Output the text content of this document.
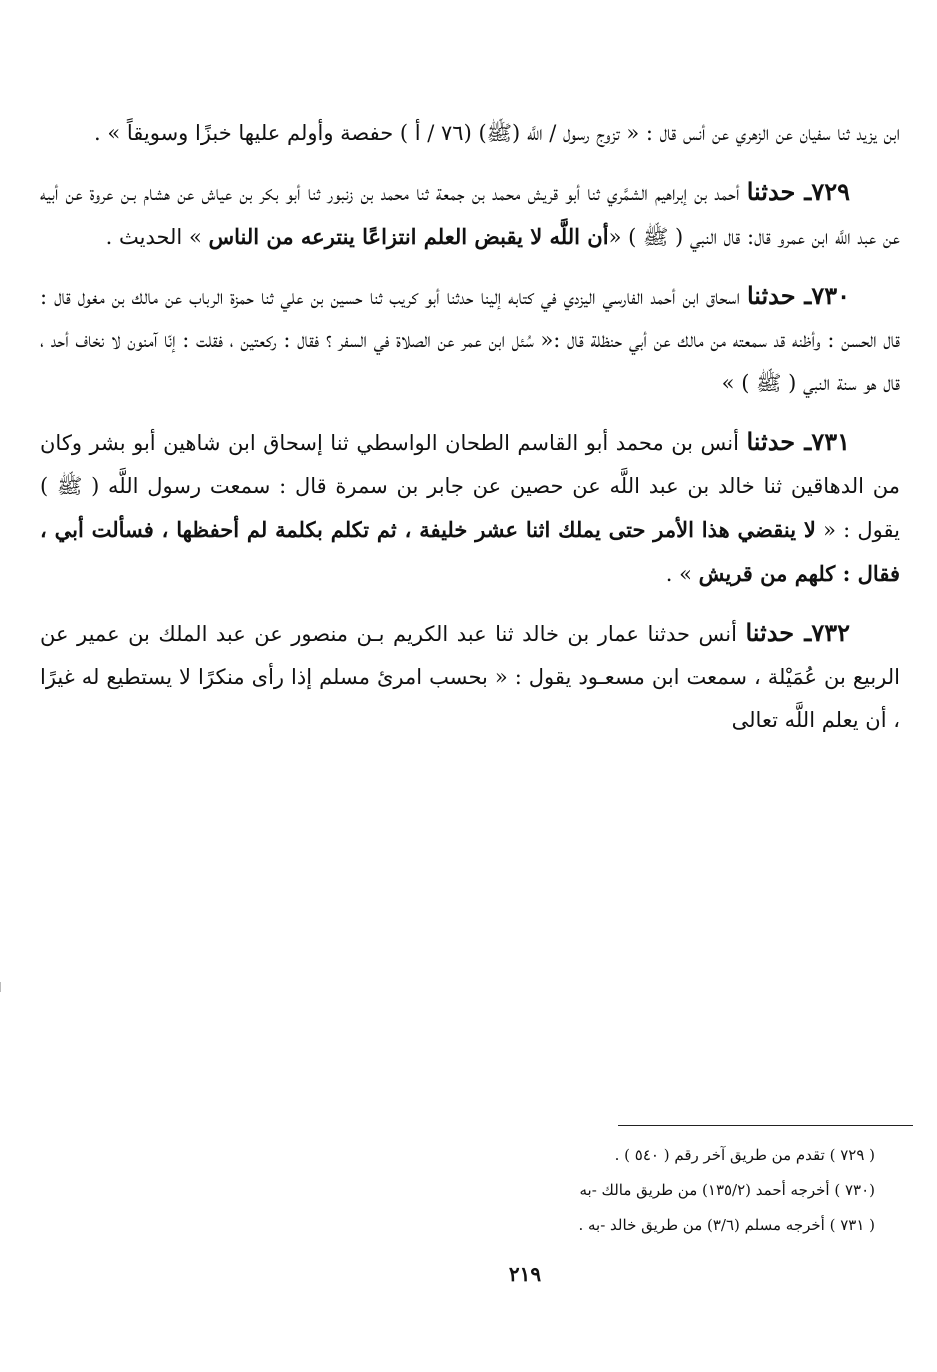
ابن يزيد ثنا سفيان عن الزهري عن أنس قال : « تزوج رسول / اللَّه (ﷺ) (٧٦ / أ ) حفصة وأولم عليها خبزًا وسويقاً » .

٧٢٩ـ حدثنا أحمد بن إبراهيم الشمَّري ثنا أبو قريش محمد بن جمعة ثنا محمد بن زنبور ثنا أبو بكر بن عياش عن هشام بـن عروة عن أبيه عن عبد اللَّه ابن عمرو قال: قال النبي ( ﷺ ) «أن اللَّه لا يقبض العلم انتزاعًا ينترعه من الناس » الحديث .

٧٣٠ـ حدثنا اسحاق ابن أحمد الفارسي اليزدي في كتابه إلينا حدثنا أبو كريب ثنا حسين بن علي ثنا حمزة الرباب عن مالك بن مغول قال : قال الحسن : وأظنه قد سمعته من مالك عن أبي حنظلة قال :« سُئل ابن عمر عن الصلاة في السفر ؟ فقال : ركعتين ، فقلت : إنّا آمنون لا نخاف أحد ، قال هو سنة النبي ( ﷺ ) »

٧٣١ـ حدثنا أنس بن محمد أبو القاسم الطحان الواسطي ثنا إسحاق ابن شاهين أبو بشر وكان من الدهاقين ثنا خالد بن عبد اللَّه عن حصين عن جابر بن سمرة قال : سمعت رسول اللَّه ( ﷺ ) يقول : « لا ينقضي هذا الأمر حتى يملك اثنا عشر خليفة ، ثم تكلم بكلمة لم أحفظها ، فسألت أبي ، فقال : كلهم من قريش » .

٧٣٢ـ حدثنا أنس حدثنا عمار بن خالد ثنا عبد الكريم بـن منصور عن عبد الملك بن عمير عن الربيع بن عُمَيْلة ، سمعت ابن مسعـود يقول : « بحسب امرئ مسلم إذا رأى منكرًا لا يستطيع له غيرًا ، أن يعلم اللَّه تعالى

( ٧٢٩ ) تقدم من طريق آخر رقم ( ٥٤٠ ) .

(٧٣٠ ) أخرجه أحمد (١٣٥/٢) من طريق مالك -به

( ٧٣١ ) أخرجه مسلم (٣/٦) من طريق خالد -به .

٢١٩
